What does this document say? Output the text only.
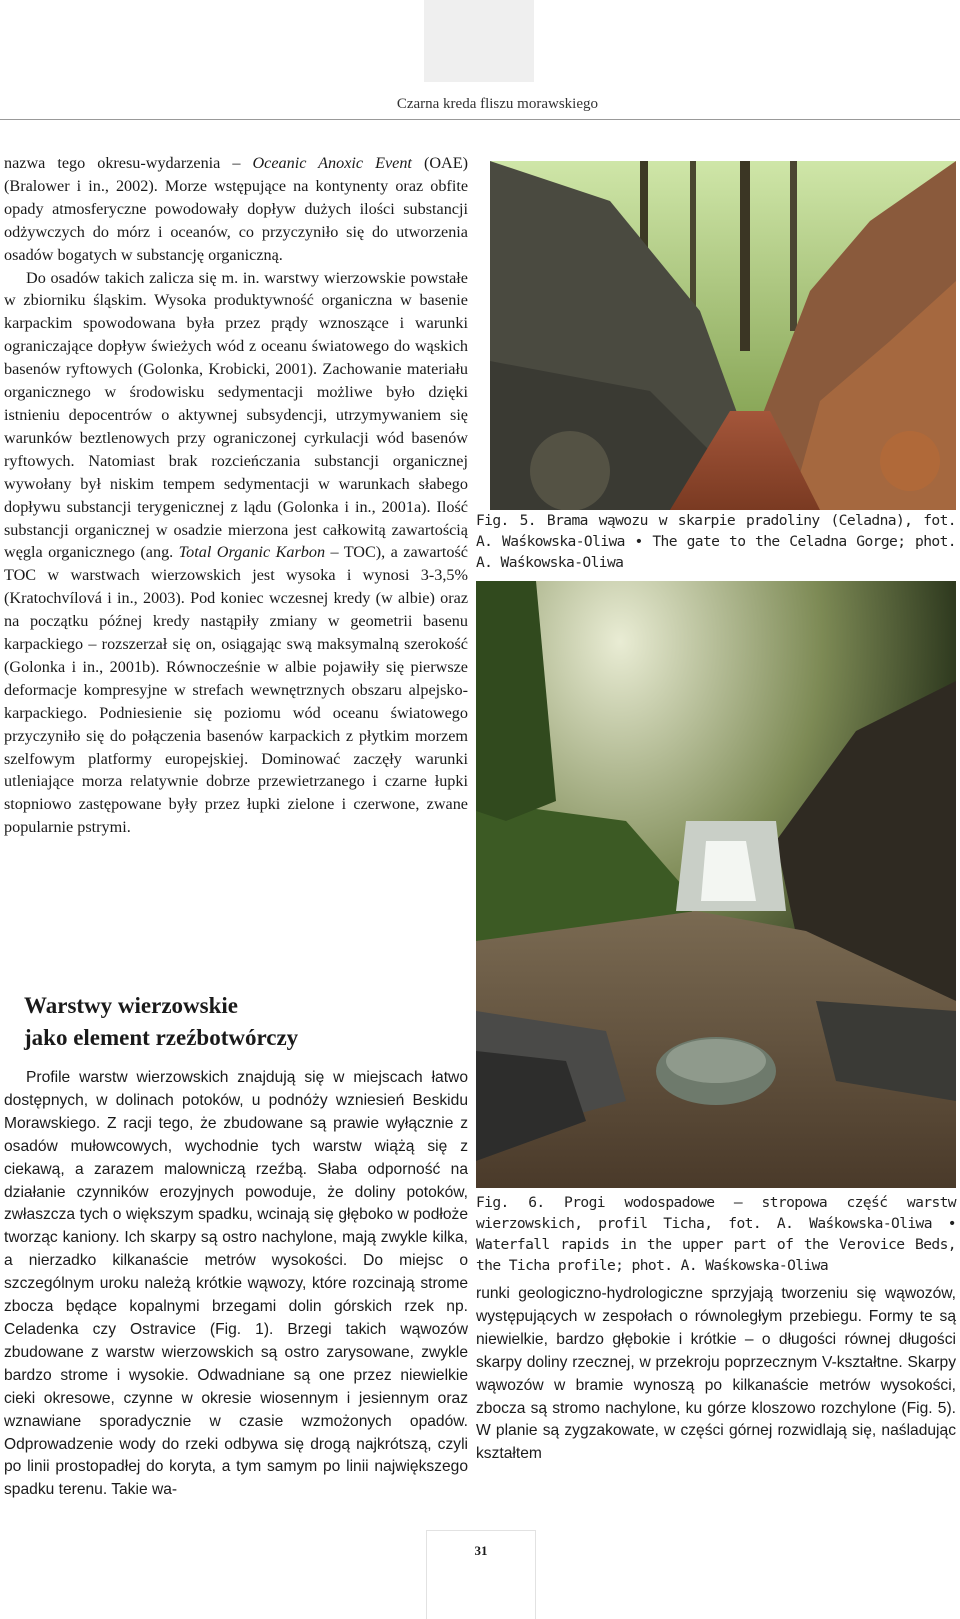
Czarna kreda fliszu morawskiego

nazwa tego okresu-wydarzenia – Oceanic Anoxic Event (OAE) (Bralower i in., 2002). Morze wstępujące na kontynenty oraz obfite opady atmosferyczne powodowały dopływ dużych ilości substancji odżywczych do mórz i oceanów, co przyczyniło się do utworzenia osadów bogatych w substancję organiczną.

Do osadów takich zalicza się m. in. warstwy wierzowskie powstałe w zbiorniku śląskim. Wysoka produktywność organiczna w basenie karpackim spowodowana była przez prądy wznoszące i warunki ograniczające dopływ świeżych wód z oceanu światowego do wąskich basenów ryftowych (Golonka, Krobicki, 2001). Zachowanie materiału organicznego w środowisku sedymentacji możliwe było dzięki istnieniu depocentrów o aktywnej subsydencji, utrzymywaniem się warunków beztlenowych przy ograniczonej cyrkulacji wód basenów ryftowych. Natomiast brak rozcieńczania substancji organicznej wywołany był niskim tempem sedymentacji w warunkach słabego dopływu substancji terygenicznej z lądu (Golonka i in., 2001a). Ilość substancji organicznej w osadzie mierzona jest całkowitą zawartością węgla organicznego (ang. Total Organic Karbon – TOC), a zawartość TOC w warstwach wierzowskich jest wysoka i wynosi 3-3,5% (Kratochvílová i in., 2003). Pod koniec wczesnej kredy (w albie) oraz na początku późnej kredy nastąpiły zmiany w geometrii basenu karpackiego – rozszerzał się on, osiągając swą maksymalną szerokość (Golonka i in., 2001b). Równocześnie w albie pojawiły się pierwsze deformacje kompresyjne w strefach wewnętrznych obszaru alpejsko-karpackiego. Podniesienie się poziomu wód oceanu światowego przyczyniło się do połączenia basenów karpackich z płytkim morzem szelfowym platformy europejskiej. Dominować zaczęły warunki utleniające morza relatywnie dobrze przewietrzanego i czarne łupki stopniowo zastępowane były przez łupki zielone i czerwone, zwane popularnie pstrymi.

Warstwy wierzowskie
jako element rzeźbotwórczy

Profile warstw wierzowskich znajdują się w miejscach łatwo dostępnych, w dolinach potoków, u podnóży wzniesień Beskidu Morawskiego. Z racji tego, że zbudowane są prawie wyłącznie z osadów mułowcowych, wychodnie tych warstw wiążą się z ciekawą, a zarazem malowniczą rzeźbą. Słaba odporność na działanie czynników erozyjnych powoduje, że doliny potoków, zwłaszcza tych o większym spadku, wcinają się głęboko w podłoże tworząc kaniony. Ich skarpy są ostro nachylone, mają zwykle kilka, a nierzadko kilkanaście metrów wysokości. Do miejsc o szczególnym uroku należą krótkie wąwozy, które rozcinają strome zbocza będące kopalnymi brzegami dolin górskich rzek np. Celadenka czy Ostravice (Fig. 1). Brzegi takich wąwozów zbudowane z warstw wierzowskich są ostro zarysowane, zwykle bardzo strome i wysokie. Odwadniane są one przez niewielkie cieki okresowe, czynne w okresie wiosennym i jesiennym oraz wznawiane sporadycznie w czasie wzmożonych opadów. Odprowadzenie wody do rzeki odbywa się drogą najkrótszą, czyli po linii prostopadłej do koryta, a tym samym po linii największego spadku terenu. Takie wa-

Fig. 5. Brama wąwozu w skarpie pradoliny (Celadna), fot. A. Waśkowska-Oliwa • The gate to the Celadna Gorge; phot. A. Waśkowska-Oliwa
Fig. 6. Progi wodospadowe – stropowa część warstw wierzowskich, profil Ticha, fot. A. Waśkowska-Oliwa • Waterfall rapids in the upper part of the Verovice Beds, the Ticha profile; phot. A. Waśkowska-Oliwa

runki geologiczno-hydrologiczne sprzyjają tworzeniu się wąwozów, występujących w zespołach o równoległym przebiegu. Formy te są niewielkie, bardzo głębokie i krótkie – o długości równej długości skarpy doliny rzecznej, w przekroju poprzecznym V-kształtne. Skarpy wąwozów w bramie wynoszą po kilkanaście metrów wysokości, zbocza są stromo nachylone, ku górze kloszowo rozchylone (Fig. 5). W planie są zygzakowate, w części górnej rozwidlają się, naśladując kształtem

31
